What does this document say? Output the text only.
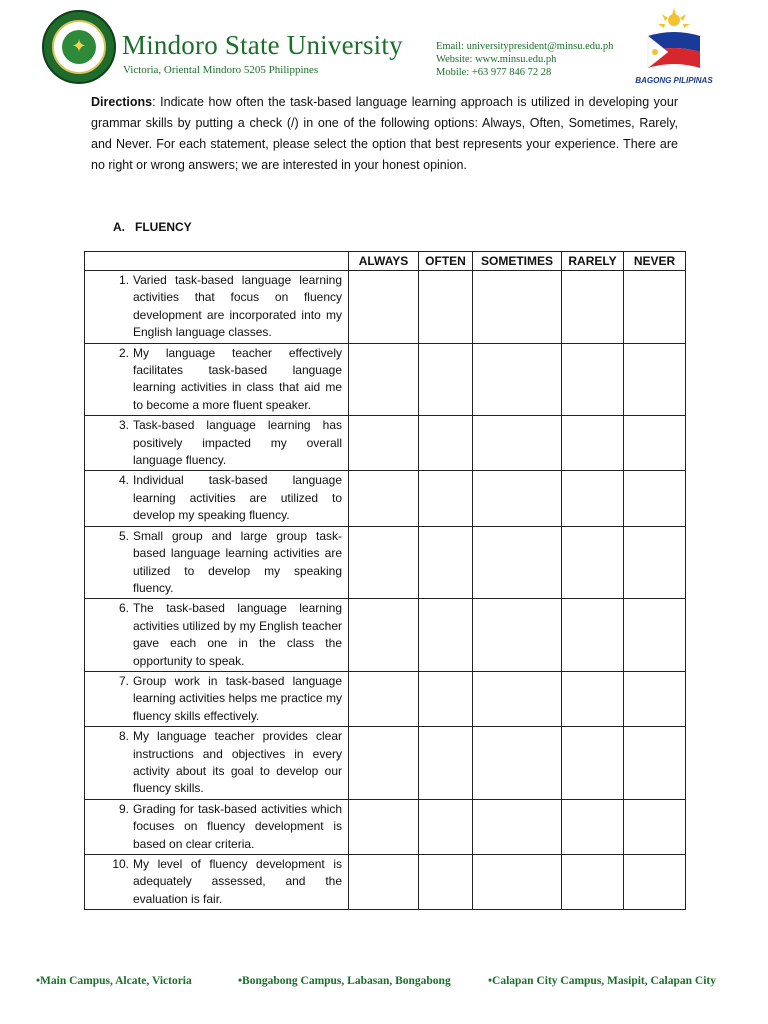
✦	Mindoro State University
Victoria, Oriental Mindoro 5205 Philippines
Email: universitypresident@minsu.edu.ph
Website: www.minsu.edu.ph
Mobile: +63 977 846 72 28
BAGONG PILIPINAS

Directions: Indicate how often the task-based language learning approach is utilized in developing your grammar skills by putting a check (/) in one of the following options: Always, Often, Sometimes, Rarely, and Never. For each statement, please select the option that best represents your experience. There are no right or wrong answers; we are interested in your honest opinion.

A. FLUENCY
	ALWAYS	OFTEN	SOMETIMES	RARELY	NEVER

1. Varied task-based language learning activities that focus on fluency development are incorporated into my English language classes.					

2. My language teacher effectively facilitates task-based language learning activities in class that aid me to become a more fluent speaker.					

3. Task-based language learning has positively impacted my overall language fluency.					

4. Individual task-based language learning activities are utilized to develop my speaking fluency.					

5. Small group and large group task-based language learning activities are utilized to develop my speaking fluency.					

6. The task-based language learning activities utilized by my English teacher gave each one in the class the opportunity to speak.					

7. Group work in task-based language learning activities helps me practice my fluency skills effectively.					

8. My language teacher provides clear instructions and objectives in every activity about its goal to develop our fluency skills.					

9. Grading for task-based activities which focuses on fluency development is based on clear criteria.					

10. My level of fluency development is adequately assessed, and the evaluation is fair.					

•Main Campus, Alcate, Victoria	•Bongabong Campus, Labasan, Bongabong	•Calapan City Campus, Masipit, Calapan City
